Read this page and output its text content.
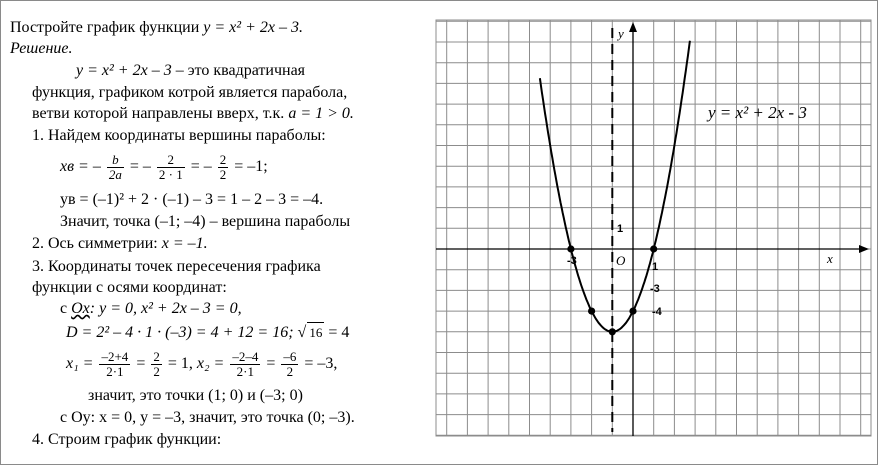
Постройте график функции y = x² + 2x – 3.
Решение.
y = x² + 2x – 3 – это квадратичная
функция, графиком котрой является парабола,
ветви которой направлены вверх, т.к. a = 1 > 0.
1. Найдем координаты вершины параболы:
xв = – $\frac{b}{2a}$ = – $\frac{2}{2 \cdot 1}$ = – $\frac{2}{2} = -1$;
yв = (–1)² + 2 · (–1) – 3 = 1 – 2 – 3 = –4.
Значит, точка (–1; –4) – вершина параболы
2. Ось симметрии: x = –1.
3. Координаты точек пересечения графика
функции с осями координат:
с Ox: y = 0, x² + 2x – 3 = 0,
D = 2² – 4 · 1 · (–3) = 4 + 12 = 16; √ 16 = 4
$x_1 = \frac{-2+4}{2\cdot 1} = \frac{2}{2} = 1$, $x_2 = \frac{-2-4}{2\cdot 1} = \frac{-6}{2} = -3$,
значит, это точки (1; 0) и (–3; 0)
с Oy: x = 0, y = –3, значит, это точка (0; –3).
4. Строим график функции:
x
y
O
-3	1
1
-3
-4
y = x² + 2x - 3
